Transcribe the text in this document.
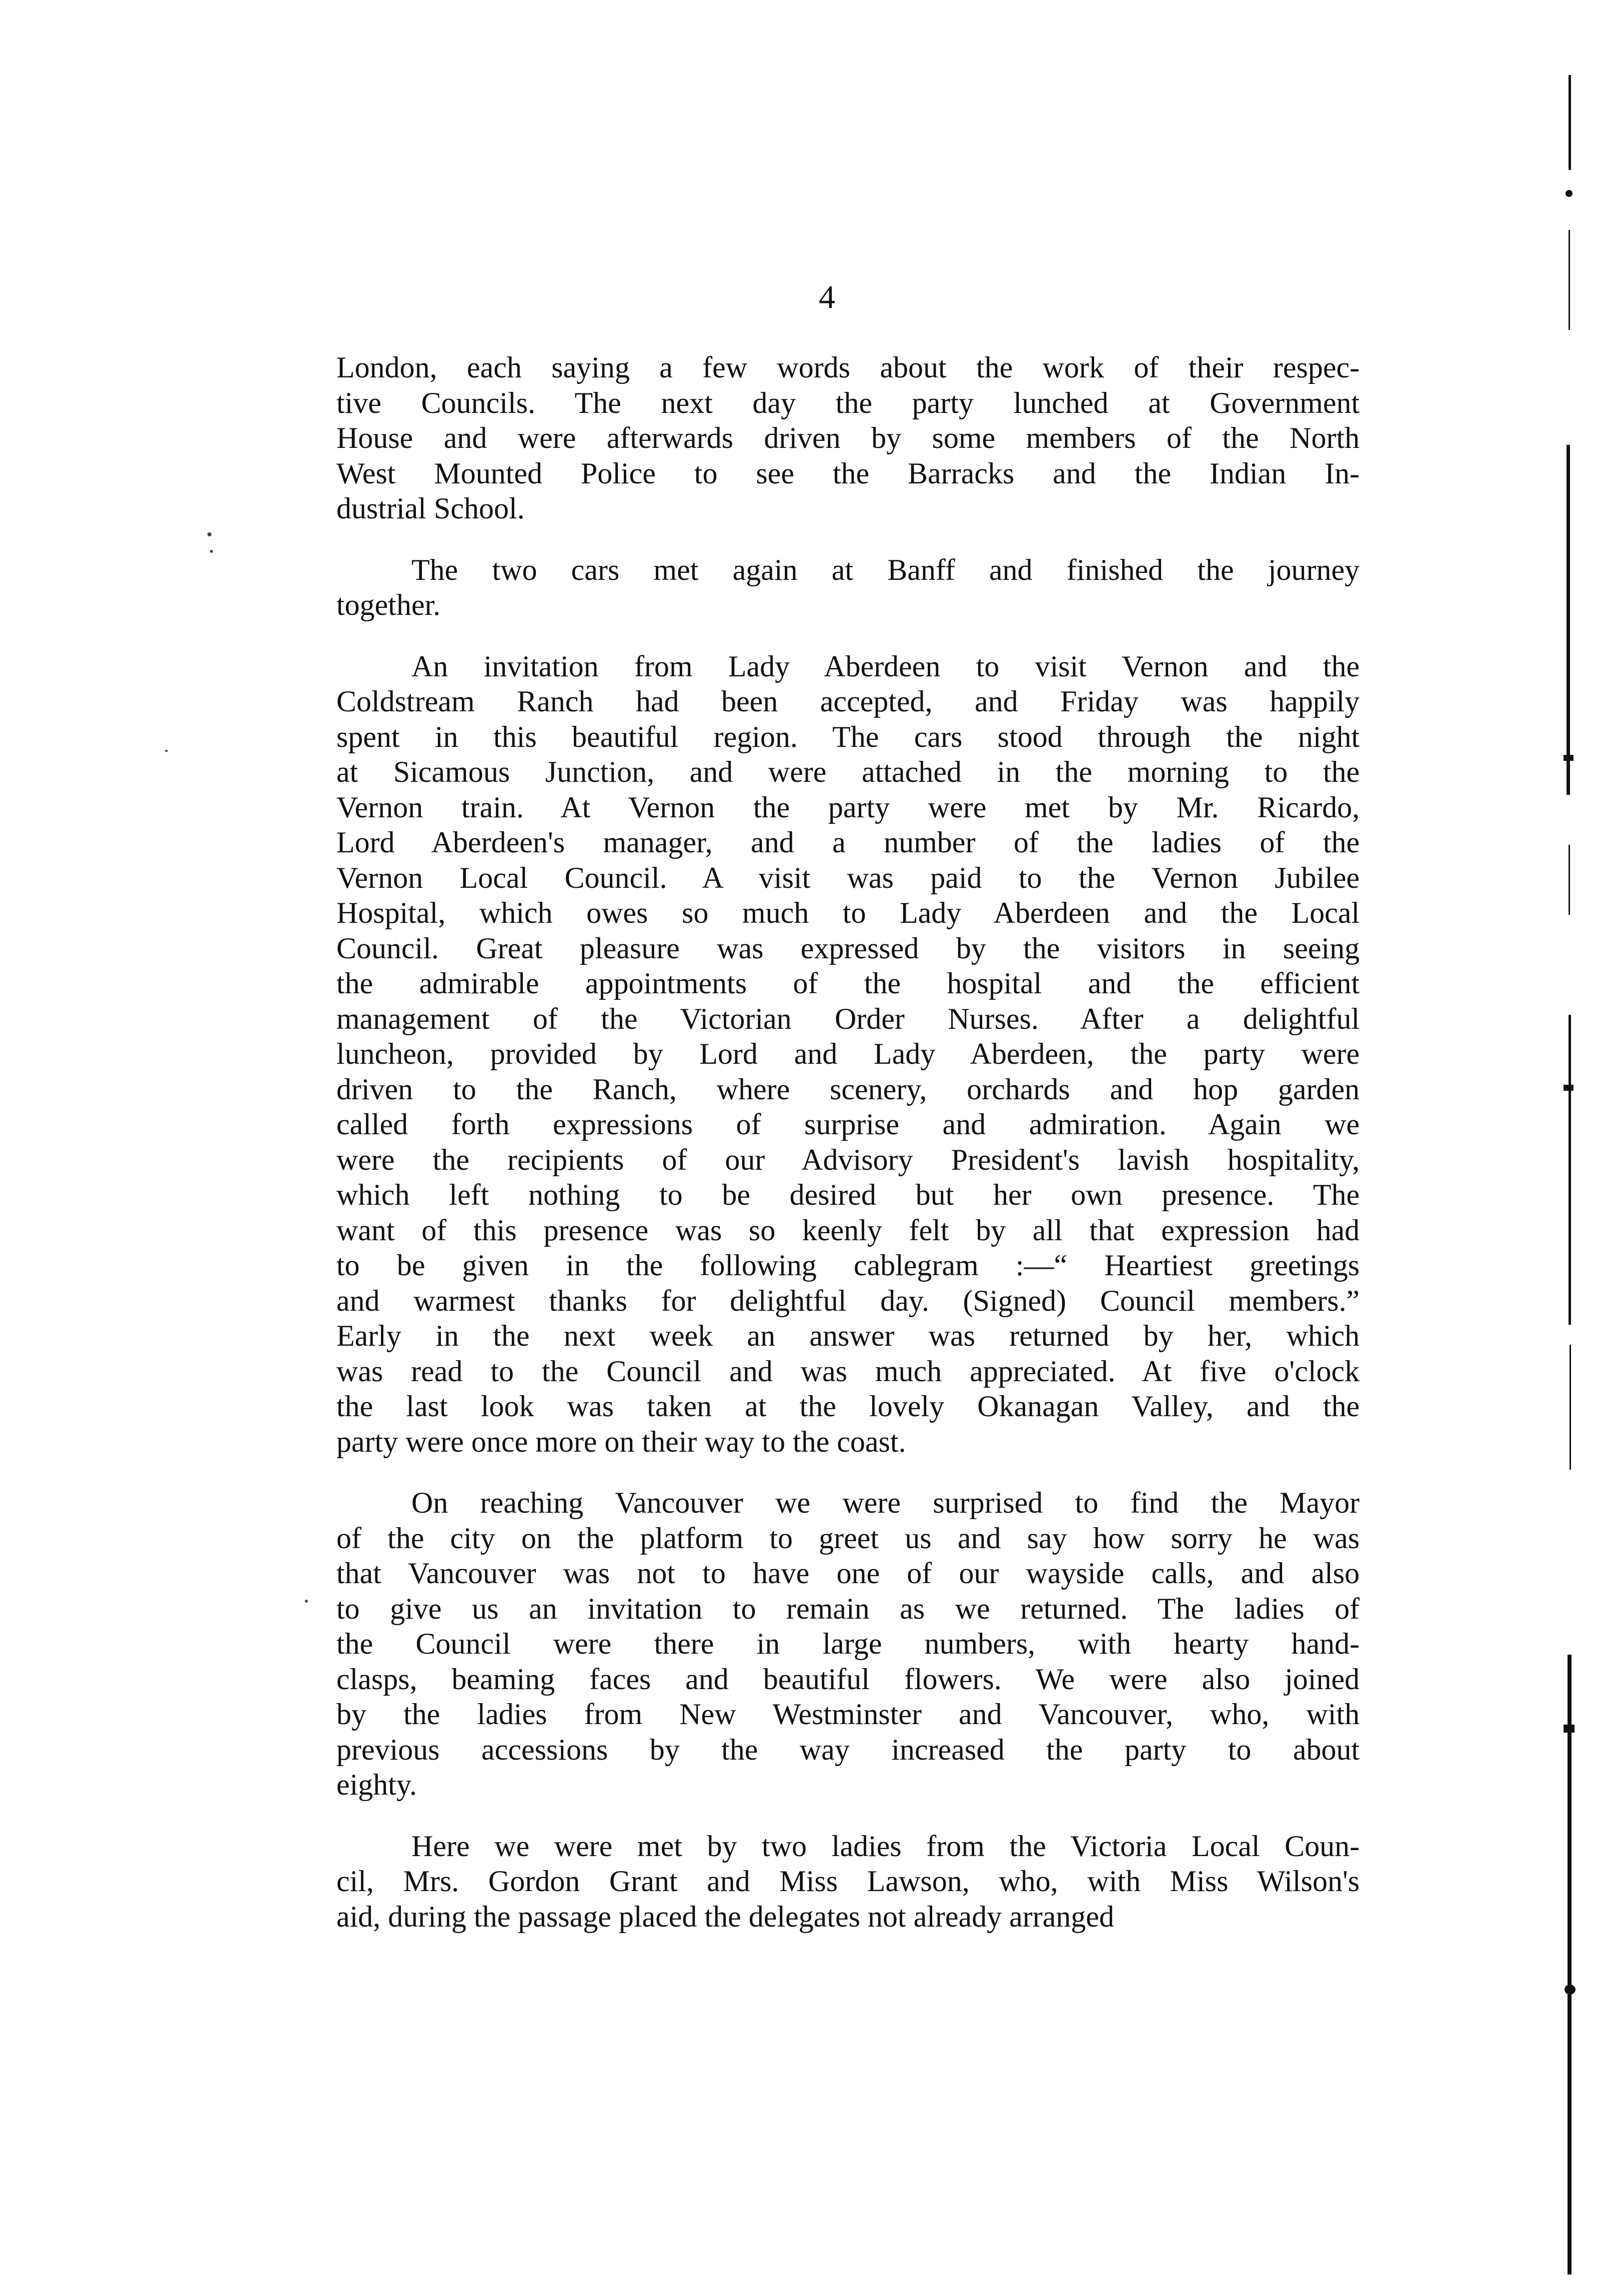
4
London, each saying a few words about the work of their respec-
tive Councils. The next day the party lunched at Government
House and were afterwards driven by some members of the North
West Mounted Police to see the Barracks and the Indian In-
dustrial School.
The two cars met again at Banff and finished the journey
together.
An invitation from Lady Aberdeen to visit Vernon and the
Coldstream Ranch had been accepted, and Friday was happily
spent in this beautiful region. The cars stood through the night
at Sicamous Junction, and were attached in the morning to the
Vernon train. At Vernon the party were met by Mr. Ricardo,
Lord Aberdeen's manager, and a number of the ladies of the
Vernon Local Council. A visit was paid to the Vernon Jubilee
Hospital, which owes so much to Lady Aberdeen and the Local
Council. Great pleasure was expressed by the visitors in seeing
the admirable appointments of the hospital and the efficient
management of the Victorian Order Nurses. After a delightful
luncheon, provided by Lord and Lady Aberdeen, the party were
driven to the Ranch, where scenery, orchards and hop garden
called forth expressions of surprise and admiration. Again we
were the recipients of our Advisory President's lavish hospitality,
which left nothing to be desired but her own presence. The
want of this presence was so keenly felt by all that expression had
to be given in the following cablegram :—“ Heartiest greetings
and warmest thanks for delightful day. (Signed) Council members.”
Early in the next week an answer was returned by her, which
was read to the Council and was much appreciated. At five o'clock
the last look was taken at the lovely Okanagan Valley, and the
party were once more on their way to the coast.
On reaching Vancouver we were surprised to find the Mayor
of the city on the platform to greet us and say how sorry he was
that Vancouver was not to have one of our wayside calls, and also
to give us an invitation to remain as we returned. The ladies of
the Council were there in large numbers, with hearty hand-
clasps, beaming faces and beautiful flowers. We were also joined
by the ladies from New Westminster and Vancouver, who, with
previous accessions by the way increased the party to about
eighty.
Here we were met by two ladies from the Victoria Local Coun-
cil, Mrs. Gordon Grant and Miss Lawson, who, with Miss Wilson's
aid, during the passage placed the delegates not already arranged
